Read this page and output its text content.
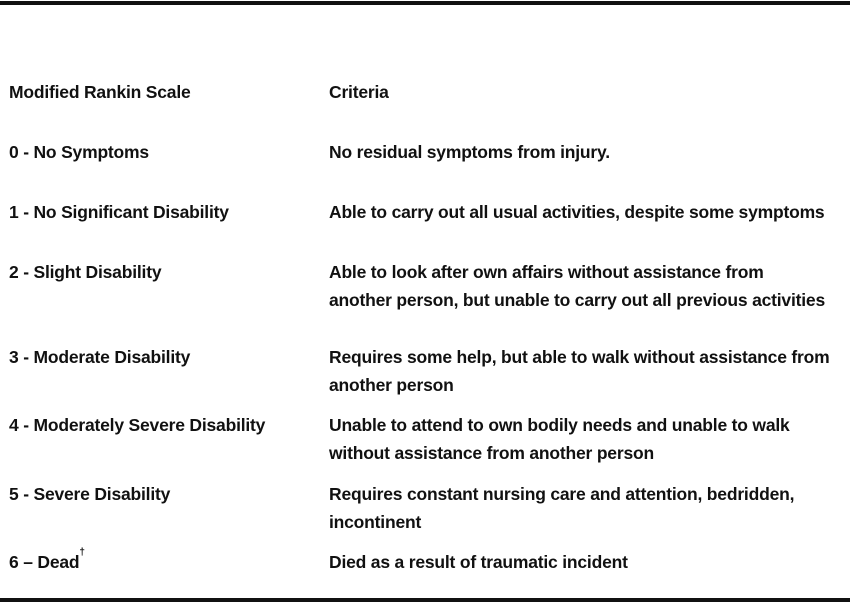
Modified Rankin Scale	Criteria
0 - No Symptoms	No residual symptoms from injury.
1 - No Significant Disability	Able to carry out all usual activities, despite some symptoms
2 - Slight Disability	Able to look after own affairs without assistance from
another person, but unable to carry out all previous activities
3 - Moderate Disability	Requires some help, but able to walk without assistance from
another person
4 - Moderately Severe Disability	Unable to attend to own bodily needs and unable to walk
without assistance from another person
5 - Severe Disability	Requires constant nursing care and attention, bedridden,
incontinent
6 – Dead†	Died as a result of traumatic incident
